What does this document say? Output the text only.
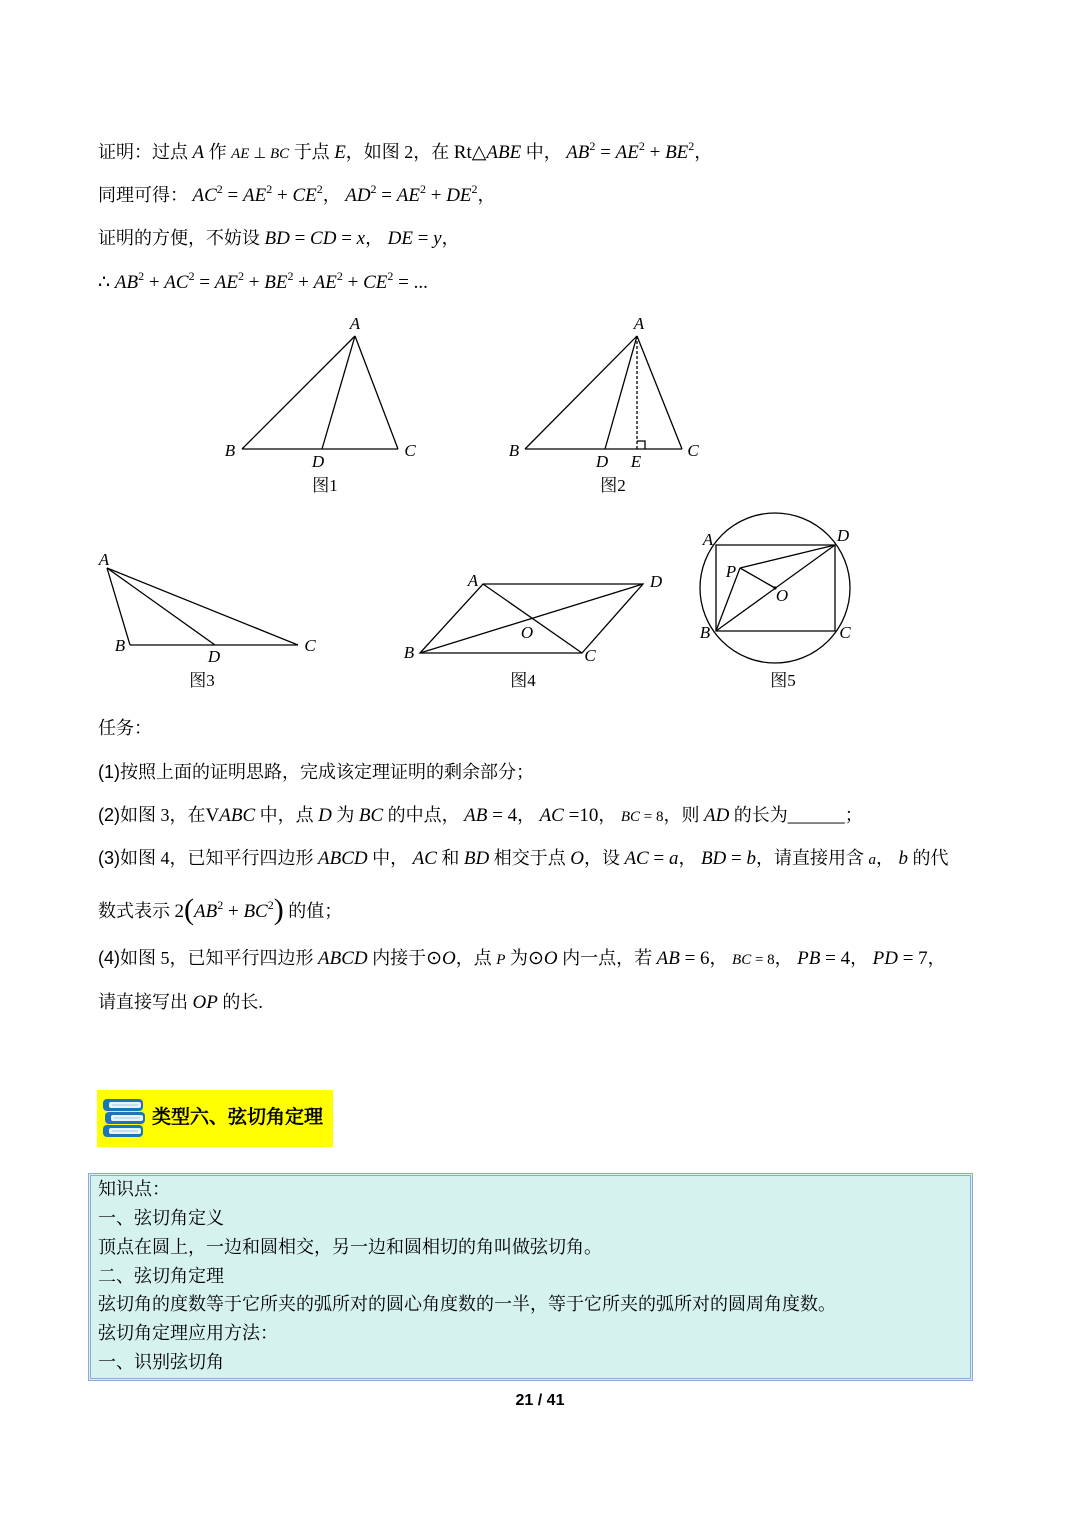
证明：过点 A 作 AE ⊥ BC 于点 E，如图 2，在 Rt△ABE 中， $AB^2 = AE^2 + BE^2$，
同理可得： $AC^2 = AE^2 + CE^2$， $AD^2 = AE^2 + DE^2$，
证明的方便，不妨设 BD = CD = x， DE = y，
∴ $AB^2 + AC^2 = AE^2 + BE^2 + AE^2 + CE^2$ = ...
A
B	C
D
图1
A
B	C
D E
图2
A
B	C
D
图3
A	D
B	C
O
图4
A	D
B	C
P
O
图5
任务：
(1)按照上面的证明思路，完成该定理证明的剩余部分；
(2)如图 3，在VABC 中，点 D 为 BC 的中点， AB = 4， AC =10， BC = 8，则 AD 的长为______；
(3)如图 4，已知平行四边形 ABCD 中， AC 和 BD 相交于点 O，设 AC = a， BD = b，请直接用含 a， b 的代
数式表示 $2(AB^2 + BC^2)$ 的值；
(4)如图 5，已知平行四边形 ABCD 内接于⊙O，点 P 为⊙O 内一点，若 AB = 6， BC = 8， PB = 4， PD = 7，
请直接写出 OP 的长.
类型六、弦切角定理
知识点：
一、弦切角定义
顶点在圆上，一边和圆相交，另一边和圆相切的角叫做弦切角。
二、弦切角定理
弦切角的度数等于它所夹的弧所对的圆心角度数的一半，等于它所夹的弧所对的圆周角度数。
弦切角定理应用方法：
一、识别弦切角
21 / 41
